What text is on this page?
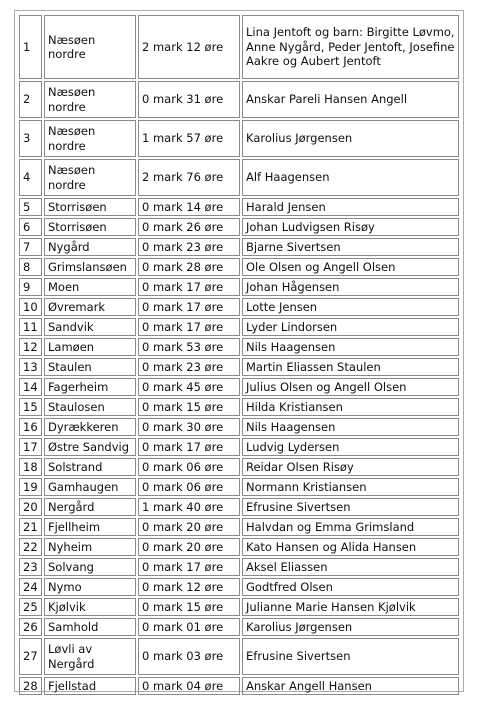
1	Næsøen nordre	2 mark 12 øre	Lina Jentoft og barn: Birgitte Løvmo, Anne Nygård, Peder Jentoft, Josefine Aakre og Aubert Jentoft
2	Næsøen nordre	0 mark 31 øre	Anskar Pareli Hansen Angell
3	Næsøen nordre	1 mark 57 øre	Karolius Jørgensen
4	Næsøen nordre	2 mark 76 øre	Alf Haagensen
5	Storrisøen	0 mark 14 øre	Harald Jensen
6	Storrisøen	0 mark 26 øre	Johan Ludvigsen Risøy
7	Nygård	0 mark 23 øre	Bjarne Sivertsen
8	Grimslansøen	0 mark 28 øre	Ole Olsen og Angell Olsen
9	Moen	0 mark 17 øre	Johan Hågensen
10	Øvremark	0 mark 17 øre	Lotte Jensen
11	Sandvik	0 mark 17 øre	Lyder Lindorsen
12	Lamøen	0 mark 53 øre	Nils Haagensen
13	Staulen	0 mark 23 øre	Martin Eliassen Staulen
14	Fagerheim	0 mark 45 øre	Julius Olsen og Angell Olsen
15	Staulosen	0 mark 15 øre	Hilda Kristiansen
16	Dyrækkeren	0 mark 30 øre	Nils Haagensen
17	Østre Sandvig	0 mark 17 øre	Ludvig Lydersen
18	Solstrand	0 mark 06 øre	Reidar Olsen Risøy
19	Gamhaugen	0 mark 06 øre	Normann Kristiansen
20	Nergård	1 mark 40 øre	Efrusine Sivertsen
21	Fjellheim	0 mark 20 øre	Halvdan og Emma Grimsland
22	Nyheim	0 mark 20 øre	Kato Hansen og Alida Hansen
23	Solvang	0 mark 17 øre	Aksel Eliassen
24	Nymo	0 mark 12 øre	Godtfred Olsen
25	Kjølvik	0 mark 15 øre	Julianne Marie Hansen Kjølvik
26	Samhold	0 mark 01 øre	Karolius Jørgensen
27	Løvli av Nergård	0 mark 03 øre	Efrusine Sivertsen
28	Fjellstad	0 mark 04 øre	Anskar Angell Hansen
